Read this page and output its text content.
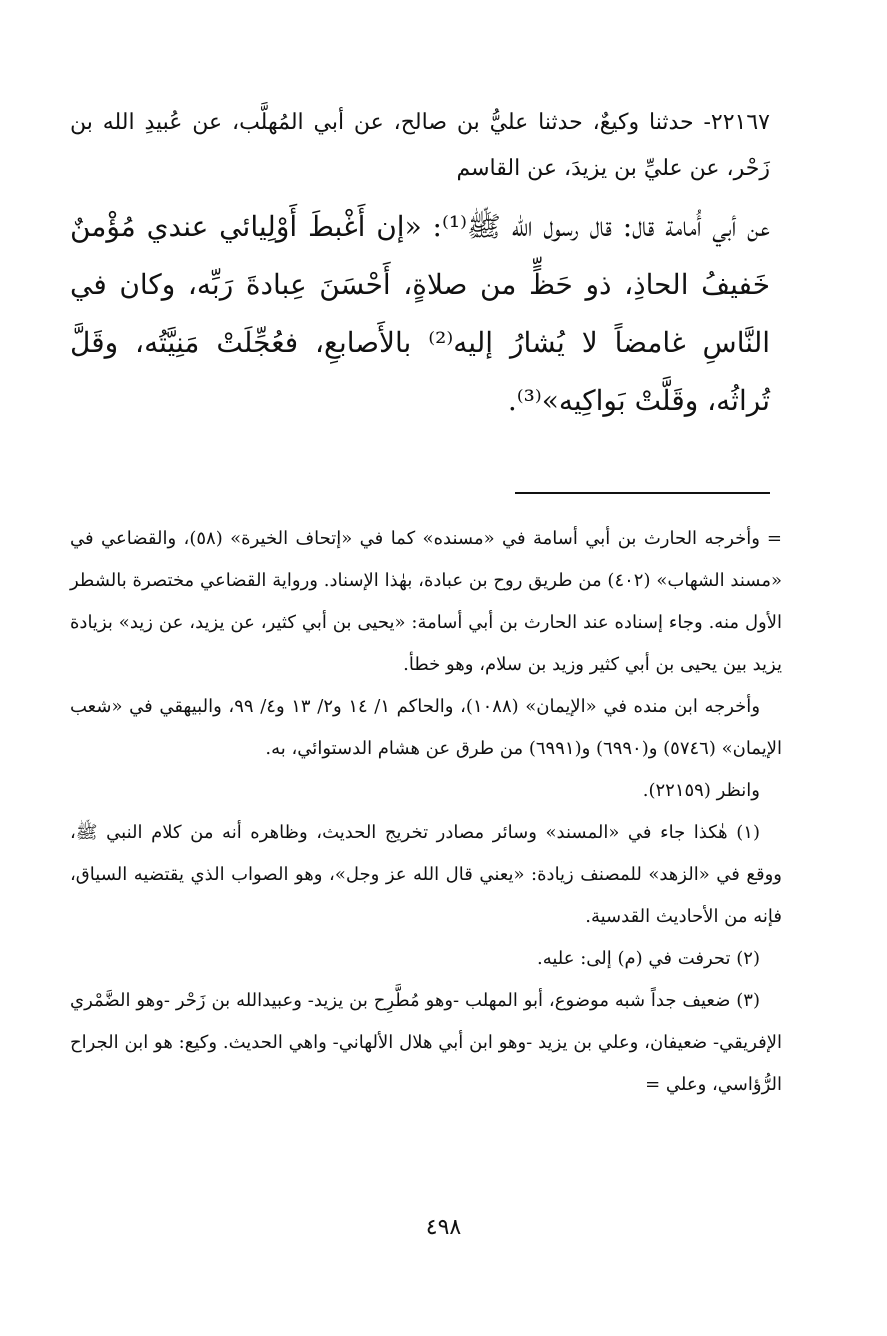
٢٢١٦٧- حدثنا وكيعٌ، حدثنا عليُّ بن صالح، عن أبي المُهلَّب، عن عُبيدِ الله بن زَحْر، عن عليِّ بن يزيدَ، عن القاسم
عن أبي أُمامة قال: قال رسول الله ﷺ⁽¹⁾: «إن أَغْبطَ أَوْلِيائي عندي مُؤْمنٌ خَفيفُ الحاذِ، ذو حَظٍّ من صلاةٍ، أَحْسَنَ عِبادةَ رَبِّه، وكان في النَّاسِ غامضاً لا يُشارُ إليه⁽²⁾ بالأَصابعِ، فعُجِّلَتْ مَنِيَّتُه، وقَلَّ تُراثُه، وقَلَّتْ بَواكِيه»⁽³⁾.

=وأخرجه الحارث بن أبي أسامة في «مسنده» كما في «إتحاف الخيرة» (٥٨)، والقضاعي في «مسند الشهاب» (٤٠٢) من طريق روح بن عبادة، بهٰذا الإسناد. ورواية القضاعي مختصرة بالشطر الأول منه. وجاء إسناده عند الحارث بن أبي أسامة: «يحيى بن أبي كثير، عن يزيد، عن زيد» بزيادة يزيد بين يحيى بن أبي كثير وزيد بن سلام، وهو خطأ.

وأخرجه ابن منده في «الإيمان» (١٠٨٨)، والحاكم ١/ ١٤ و٢/ ١٣ و٤/ ٩٩، والبيهقي في «شعب الإيمان» (٥٧٤٦) و(٦٩٩٠) و(٦٩٩١) من طرق عن هشام الدستوائي، به.

وانظر (٢٢١٥٩).

(١) هٰكذا جاء في «المسند» وسائر مصادر تخريج الحديث، وظاهره أنه من كلام النبي ﷺ، ووقع في «الزهد» للمصنف زيادة: «يعني قال الله عز وجل»، وهو الصواب الذي يقتضيه السياق، فإنه من الأحاديث القدسية.

(٢) تحرفت في (م) إلى: عليه.

(٣) ضعيف جداً شبه موضوع، أبو المهلب -وهو مُطَّرِح بن يزيد- وعبيدالله بن زَحْر -وهو الضَّمْري الإفريقي- ضعيفان، وعلي بن يزيد -وهو ابن أبي هلال الألهاني- واهي الحديث. وكيع: هو ابن الجراح الرُّؤاسي، وعلي =

٤٩٨
